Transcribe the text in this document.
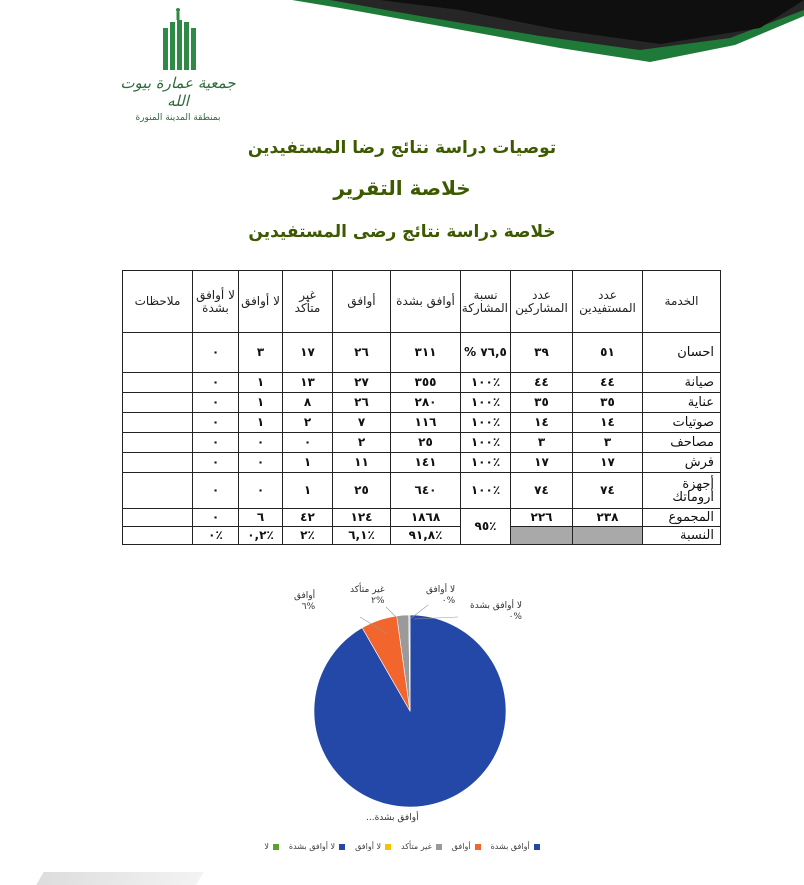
جمعية عمارة بيوت الله
بمنطقة المدينة المنورة
توصيات دراسة نتائج رضا المستفيدين
خلاصة التقرير
خلاصة دراسة نتائج رضى المستفيدين
الخدمة	عدد المستفيدين	عدد المشاركين	نسبة المشاركة	أوافق بشدة	أوافق	غير متأكد	لا أوافق	لا أوافق بشدة	ملاحظات
احسان	٥١	٣٩	٧٦,٥ %	٣١١	٢٦	١٧	٣	٠	
صيانة	٤٤	٤٤	٪١٠٠	٣٥٥	٢٧	١٣	١	٠	
عناية	٣٥	٣٥	٪١٠٠	٢٨٠	٢٦	٨	١	٠	
صوتيات	١٤	١٤	٪١٠٠	١١٦	٧	٢	١	٠	
مصاحف	٣	٣	٪١٠٠	٢٥	٢	٠	٠	٠	
فرش	١٧	١٧	٪١٠٠	١٤١	١١	١	٠	٠	
أجهزة أروماتك	٧٤	٧٤	٪١٠٠	٦٤٠	٢٥	١	٠	٠	
المجموع	٢٣٨	٢٢٦	٪٩٥	١٨٦٨	١٢٤	٤٢	٦	٠	
النسبة				٪٩١,٨	٪٦,١	٪٢	٪٠,٢	٪٠	
أوافق
%٦
غير متأكد
%٢
لا أوافق
%٠ لا أوافق بشدة
%٠
أوافق بشدة...
أوافق بشدة
أوافق
غير متأكد
لا أوافق
لا أوافق بشدة
لا
